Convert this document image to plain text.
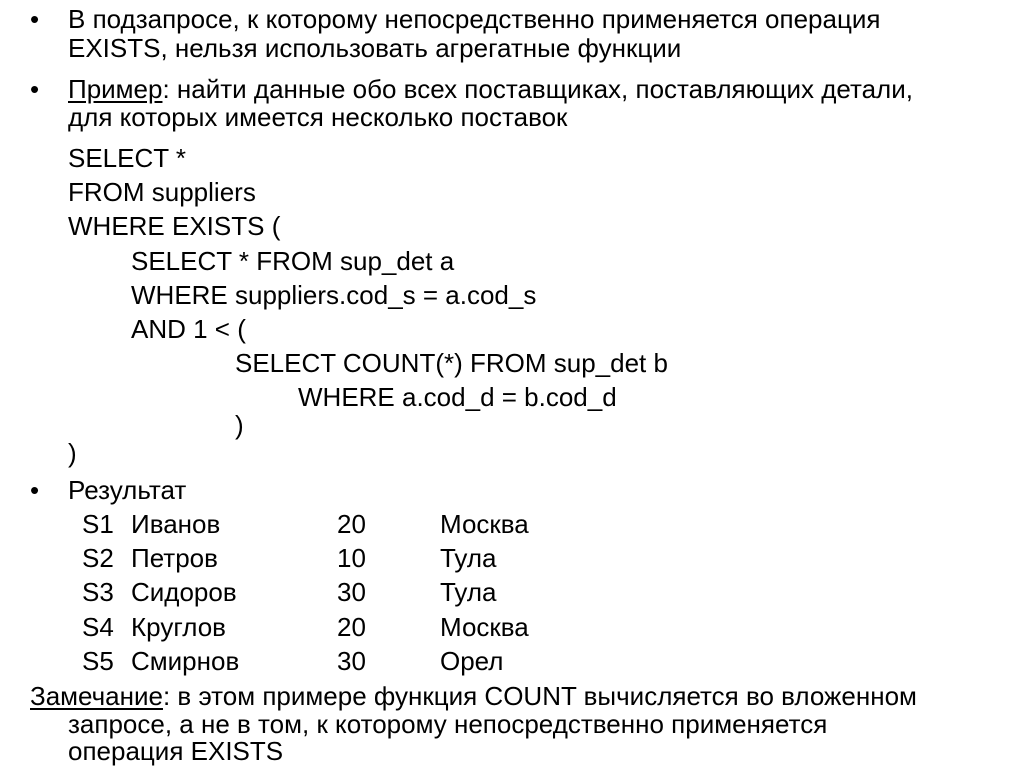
• В подзапросе, к которому непосредственно применяется операция
EXISTS, нельзя использовать агрегатные функции
• Пример: найти данные обо всех поставщиках, поставляющих детали,
для которых имеется несколько поставок
SELECT *
FROM suppliers
WHERE EXISTS (
SELECT * FROM sup_det a
WHERE suppliers.cod_s = a.cod_s
AND 1 < (
SELECT COUNT(*) FROM sup_det b
WHERE a.cod_d = b.cod_d
)
)
• Результат
S1 Иванов	20	Москва
S2 Петров	10	Тула
S3 Сидоров	30	Тула
S4 Круглов	20	Москва
S5 Смирнов	30	Орел
Замечание: в этом примере функция COUNT вычисляется во вложенном
запросе, а не в том, к которому непосредственно применяется
операция EXISTS
